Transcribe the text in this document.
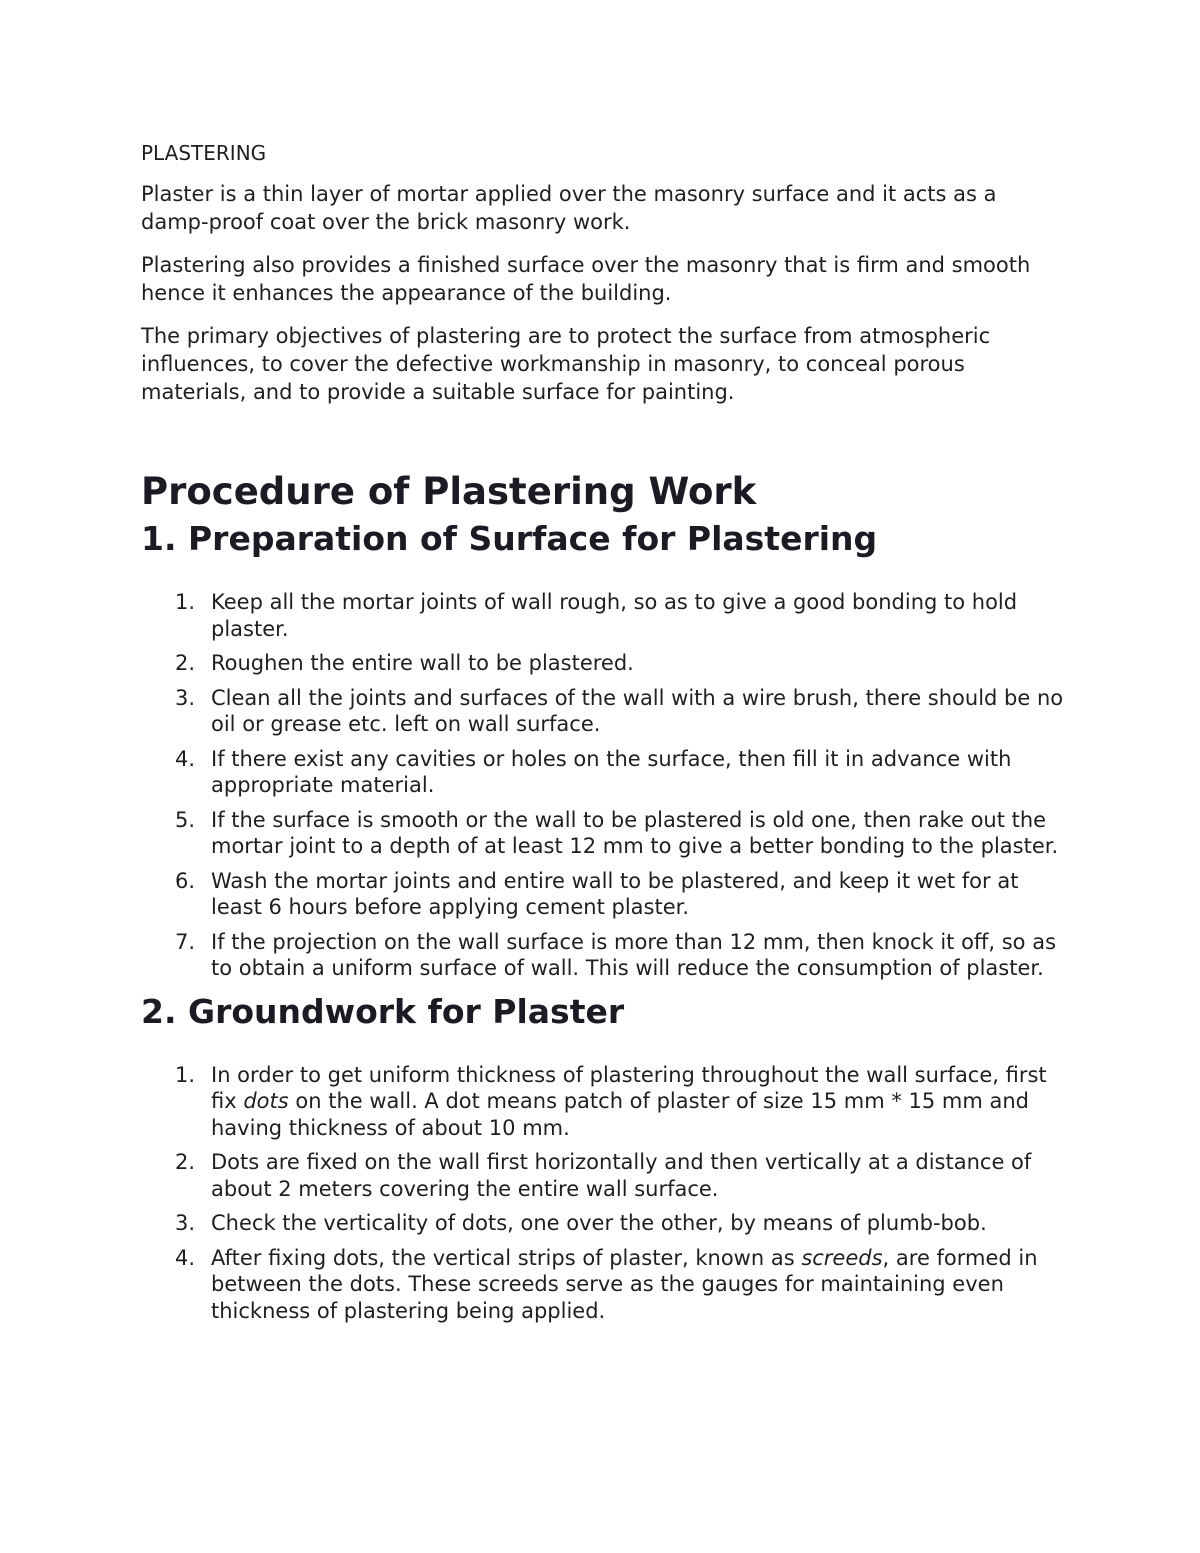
PLASTERING

Plaster is a thin layer of mortar applied over the masonry surface and it acts as a damp-proof coat over the brick masonry work.

Plastering also provides a finished surface over the masonry that is firm and smooth hence it enhances the appearance of the building.

The primary objectives of plastering are to protect the surface from atmospheric influences, to cover the defective workmanship in masonry, to conceal porous materials, and to provide a suitable surface for painting.

Procedure of Plastering Work
1. Preparation of Surface for Plastering
1. Keep all the mortar joints of wall rough, so as to give a good bonding to hold plaster.
2. Roughen the entire wall to be plastered.
3. Clean all the joints and surfaces of the wall with a wire brush, there should be no oil or grease etc. left on wall surface.
4. If there exist any cavities or holes on the surface, then fill it in advance with appropriate material.
5. If the surface is smooth or the wall to be plastered is old one, then rake out the mortar joint to a depth of at least 12 mm to give a better bonding to the plaster.
6. Wash the mortar joints and entire wall to be plastered, and keep it wet for at least 6 hours before applying cement plaster.
7. If the projection on the wall surface is more than 12 mm, then knock it off, so as to obtain a uniform surface of wall. This will reduce the consumption of plaster.
2. Groundwork for Plaster
1. In order to get uniform thickness of plastering throughout the wall surface, first fix dots on the wall. A dot means patch of plaster of size 15 mm * 15 mm and having thickness of about 10 mm.
2. Dots are fixed on the wall first horizontally and then vertically at a distance of about 2 meters covering the entire wall surface.
3. Check the verticality of dots, one over the other, by means of plumb-bob.
4. After fixing dots, the vertical strips of plaster, known as screeds, are formed in between the dots. These screeds serve as the gauges for maintaining even thickness of plastering being applied.
